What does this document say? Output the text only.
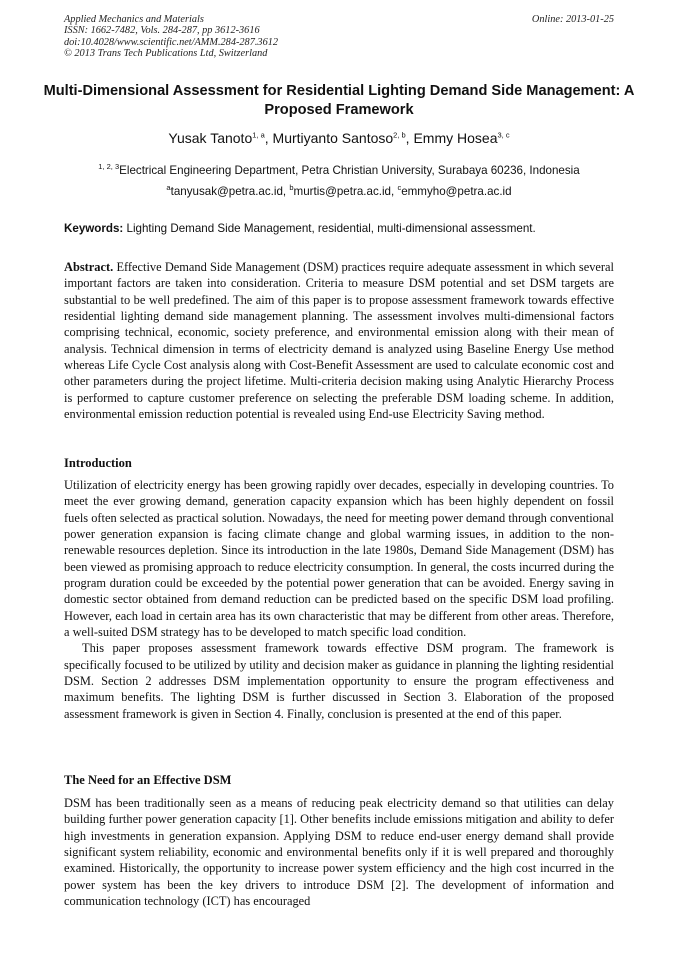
Applied Mechanics and Materials
ISSN: 1662-7482, Vols. 284-287, pp 3612-3616
doi:10.4028/www.scientific.net/AMM.284-287.3612
© 2013 Trans Tech Publications Ltd, Switzerland
Online: 2013-01-25
Multi-Dimensional Assessment for Residential Lighting Demand Side Management: A Proposed Framework
Yusak Tanoto$^{1, a}$, Murtiyanto Santoso$^{2, b}$, Emmy Hosea$^{3, c}$
$^{1, 2, 3}$Electrical Engineering Department, Petra Christian University, Surabaya 60236, Indonesia
$^a$tanyusak@petra.ac.id, $^b$murtis@petra.ac.id, $^c$emmyho@petra.ac.id
Keywords: Lighting Demand Side Management, residential, multi-dimensional assessment.

Abstract. Effective Demand Side Management (DSM) practices require adequate assessment in which several important factors are taken into consideration. Criteria to measure DSM potential and set DSM targets are substantial to be well predefined. The aim of this paper is to propose assessment framework towards effective residential lighting demand side management planning. The assessment involves multi-dimensional factors comprising technical, economic, society preference, and environmental emission along with their mean of analysis. Technical dimension in terms of electricity demand is analyzed using Baseline Energy Use method whereas Life Cycle Cost analysis along with Cost-Benefit Assessment are used to calculate economic cost and other parameters during the project lifetime. Multi-criteria decision making using Analytic Hierarchy Process is performed to capture customer preference on selecting the preferable DSM loading scheme. In addition, environmental emission reduction potential is revealed using End-use Electricity Saving method.

Introduction

Utilization of electricity energy has been growing rapidly over decades, especially in developing countries. To meet the ever growing demand, generation capacity expansion which has been highly dependent on fossil fuels often selected as practical solution. Nowadays, the need for meeting power demand through conventional power generation expansion is facing climate change and global warming issues, in addition to the non-renewable resources depletion. Since its introduction in the late 1980s, Demand Side Management (DSM) has been viewed as promising approach to reduce electricity consumption. In general, the costs incurred during the program duration could be exceeded by the potential power generation that can be avoided. Energy saving in domestic sector obtained from demand reduction can be predicted based on the specific DSM load profiling. However, each load in certain area has its own characteristic that may be different from other areas. Therefore, a well-suited DSM strategy has to be developed to match specific load condition.

This paper proposes assessment framework towards effective DSM program. The framework is specifically focused to be utilized by utility and decision maker as guidance in planning the lighting residential DSM. Section 2 addresses DSM implementation opportunity to ensure the program effectiveness and maximum benefits. The lighting DSM is further discussed in Section 3. Elaboration of the proposed assessment framework is given in Section 4. Finally, conclusion is presented at the end of this paper.

The Need for an Effective DSM

DSM has been traditionally seen as a means of reducing peak electricity demand so that utilities can delay building further power generation capacity [1]. Other benefits include emissions mitigation and ability to defer high investments in generation expansion. Applying DSM to reduce end-user energy demand shall provide significant system reliability, economic and environmental benefits only if it is well prepared and thoroughly examined. Historically, the opportunity to increase power system efficiency and the high cost incurred in the power system has been the key drivers to introduce DSM [2]. The development of information and communication technology (ICT) has encouraged
